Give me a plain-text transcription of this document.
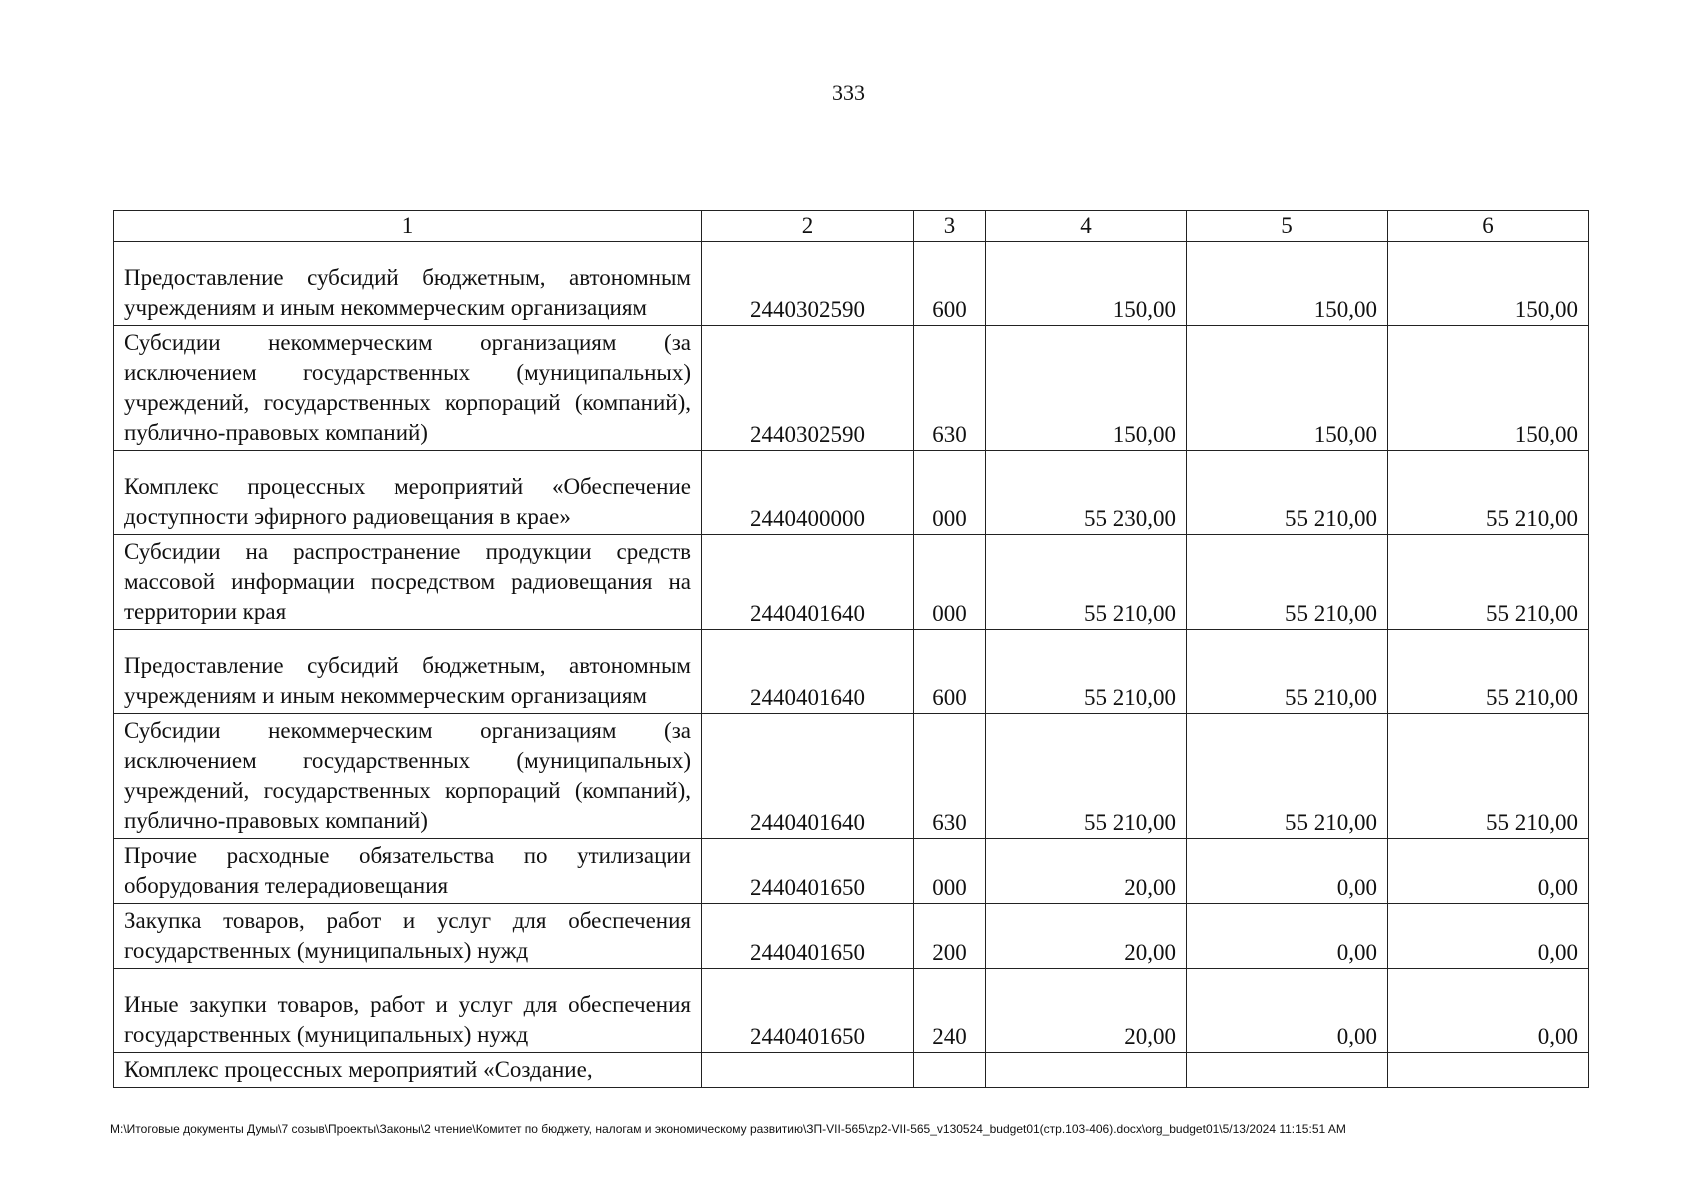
333
1	2	3	4	5	6
Предоставление субсидий бюджетным, автономным учреждениям и иным некоммерческим организациям	2440302590	600	150,00	150,00	150,00
Субсидии некоммерческим организациям (за исключением государственных (муниципальных) учреждений, государственных корпораций (компаний), публично-правовых компаний)	2440302590	630	150,00	150,00	150,00
Комплекс процессных мероприятий «Обеспечение доступности эфирного радиовещания в крае»	2440400000	000	55 230,00	55 210,00	55 210,00
Субсидии на распространение продукции средств массовой информации посредством радиовещания на территории края	2440401640	000	55 210,00	55 210,00	55 210,00
Предоставление субсидий бюджетным, автономным учреждениям и иным некоммерческим организациям	2440401640	600	55 210,00	55 210,00	55 210,00
Субсидии некоммерческим организациям (за исключением государственных (муниципальных) учреждений, государственных корпораций (компаний), публично-правовых компаний)	2440401640	630	55 210,00	55 210,00	55 210,00
Прочие расходные обязательства по утилизации оборудования телерадиовещания	2440401650	000	20,00	0,00	0,00
Закупка товаров, работ и услуг для обеспечения государственных (муниципальных) нужд	2440401650	200	20,00	0,00	0,00
Иные закупки товаров, работ и услуг для обеспечения государственных (муниципальных) нужд	2440401650	240	20,00	0,00	0,00
Комплекс процессных мероприятий «Создание,					
M:\Итоговые документы Думы\7 созыв\Проекты\Законы\2 чтение\Комитет по бюджету, налогам и экономическому развитию\ЗП-VII-565\zp2-VII-565_v130524_budget01(стр.103-406).docx\org_budget01\5/13/2024 11:15:51 AM
